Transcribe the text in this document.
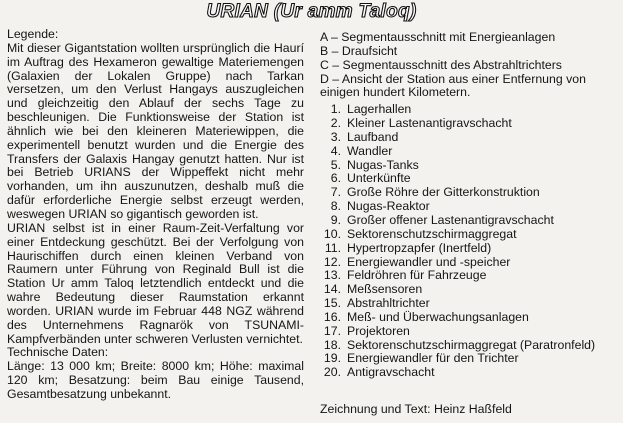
URIAN (Ur amm Taloq)
Legende:
Mit dieser Gigantstation wollten ursprünglich die Haurí im Auftrag des Hexameron gewaltige Materiemengen (Galaxien der Lokalen Gruppe) nach Tarkan versetzen, um den Verlust Hangays auszugleichen und gleichzeitig den Ablauf der sechs Tage zu beschleunigen. Die Funktionsweise der Station ist ähnlich wie bei den kleineren Materiewippen, die experimentell benutzt wurden und die Energie des Transfers der Galaxis Hangay genutzt hatten. Nur ist bei Betrieb URIANS der Wippeffekt nicht mehr vorhanden, um ihn auszunutzen, deshalb muß die dafür erforderliche Energie selbst erzeugt werden, weswegen URIAN so gigantisch geworden ist.
URIAN selbst ist in einer Raum-Zeit-Verfaltung vor einer Entdeckung geschützt. Bei der Verfolgung von Haurischiffen durch einen kleinen Verband von Raumern unter Führung von Reginald Bull ist die Station Ur amm Taloq letztendlich entdeckt und die wahre Bedeutung dieser Raumstation erkannt worden. URIAN wurde im Februar 448 NGZ während des Unternehmens Ragnarök von TSUNAMI-Kampfverbänden unter schweren Verlusten vernichtet.
Technische Daten:
Länge: 13 000 km; Breite: 8000 km; Höhe: maximal 120 km; Besatzung: beim Bau einige Tausend, Gesamtbesatzung unbekannt.
A – Segmentausschnitt mit Energieanlagen
B – Draufsicht
C – Segmentausschnitt des Abstrahltrichters
D – Ansicht der Station aus einer Entfernung von einigen hundert Kilometern.
1. Lagerhallen
2. Kleiner Lastenantigravschacht
3. Laufband
4. Wandler
5. Nugas-Tanks
6. Unterkünfte
7. Große Röhre der Gitterkonstruktion
8. Nugas-Reaktor
9. Großer offener Lastenantigravschacht
10. Sektorenschutzschirmaggregat
11. Hypertropzapfer (Inertfeld)
12. Energiewandler und -speicher
13. Feldröhren für Fahrzeuge
14. Meßsensoren
15. Abstrahltrichter
16. Meß- und Überwachungsanlagen
17. Projektoren
18. Sektorenschutzschirmaggregat (Paratronfeld)
19. Energiewandler für den Trichter
20. Antigravschacht
Zeichnung und Text: Heinz Haßfeld
